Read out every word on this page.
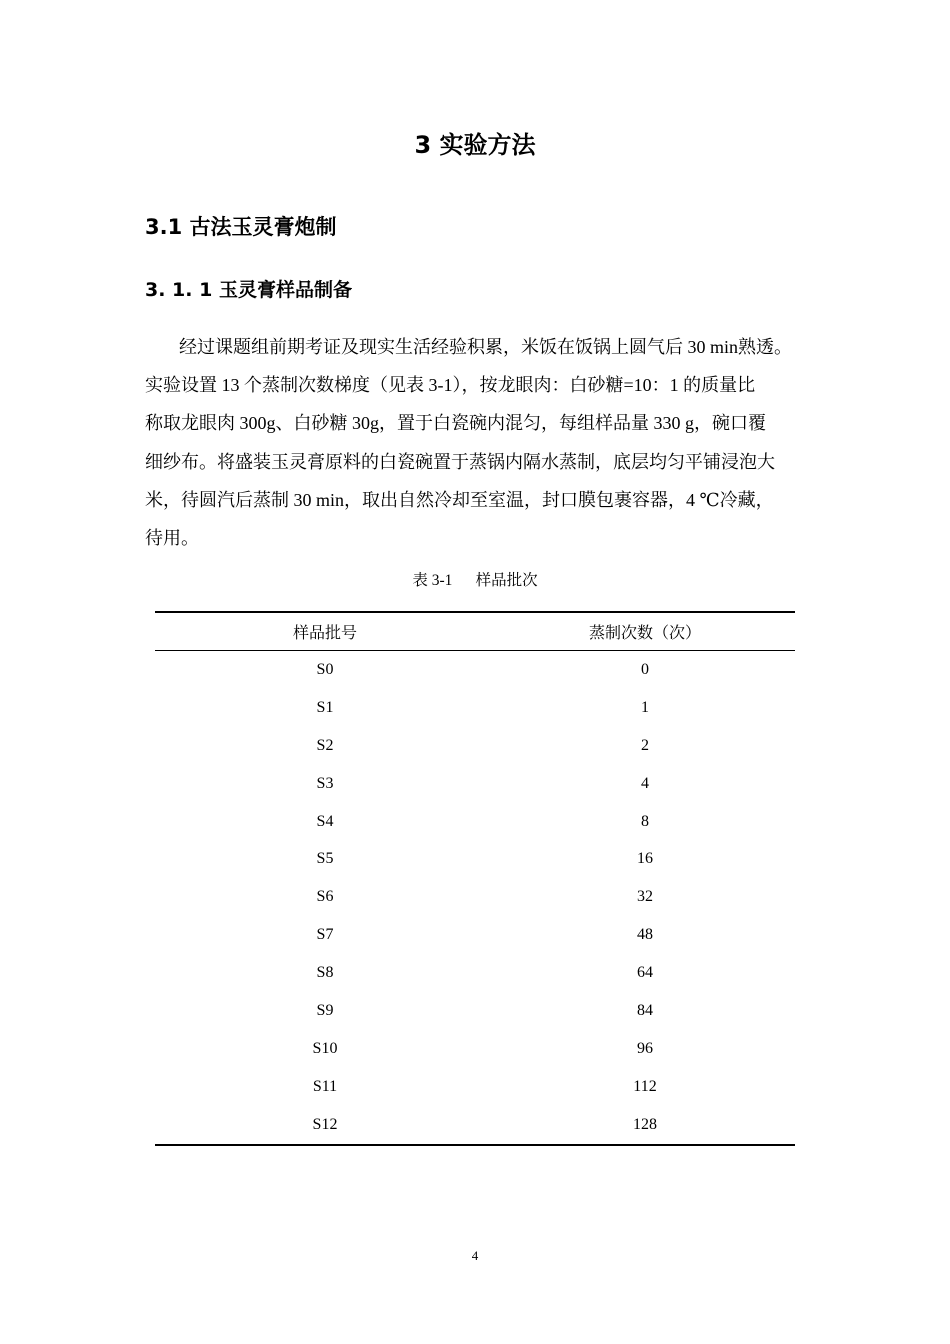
3 实验方法
3.1 古法玉灵膏炮制
3. 1. 1 玉灵膏样品制备

经过课题组前期考证及现实生活经验积累，米饭在饭锅上圆气后 30 min熟透。
实验设置 13 个蒸制次数梯度（见表 3-1），按龙眼肉：白砂糖=10：1 的质量比
称取龙眼肉 300g、白砂糖 30g，置于白瓷碗内混匀，每组样品量 330 g，碗口覆
细纱布。将盛装玉灵膏原料的白瓷碗置于蒸锅内隔水蒸制，底层均匀平铺浸泡大
米，待圆汽后蒸制 30 min，取出自然冷却至室温，封口膜包裹容器，4 ℃冷藏，
待用。

表 3-1      样品批次
样品批号	蒸制次数（次）
S0	0
S1	1
S2	2
S3	4
S4	8
S5	16
S6	32
S7	48
S8	64
S9	84
S10	96
S11	112
S12	128
4
